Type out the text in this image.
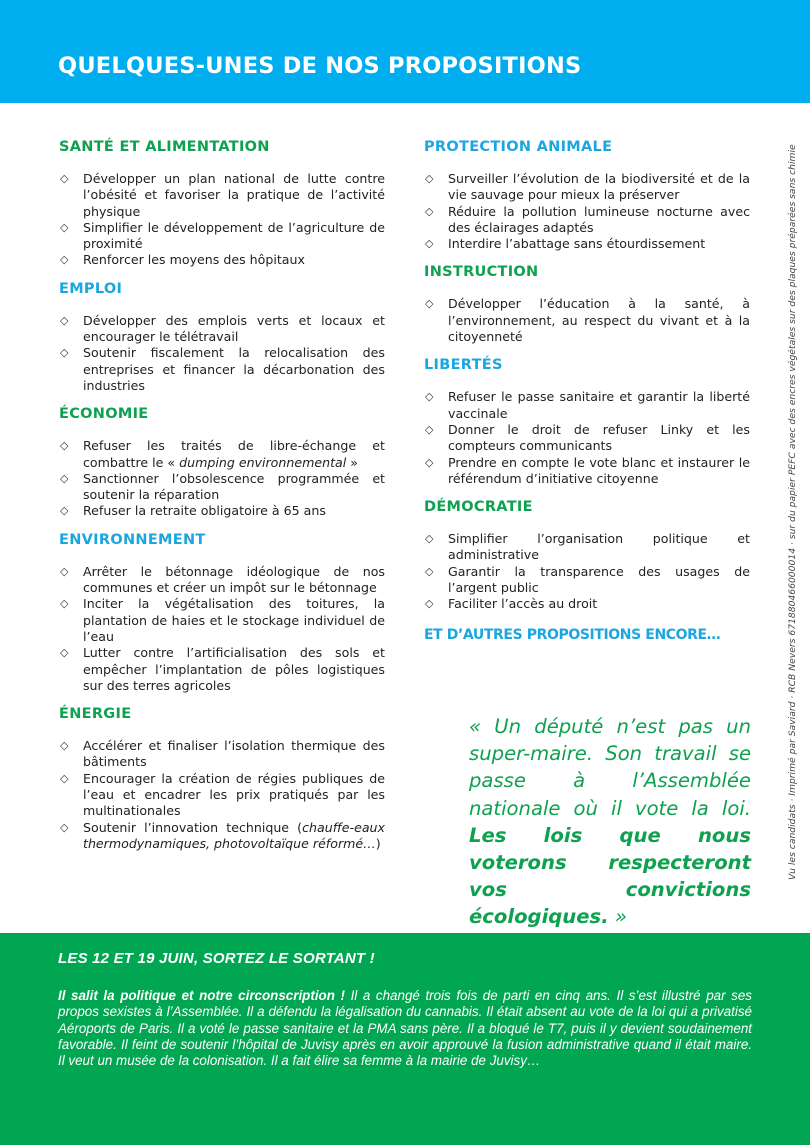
QUELQUES-UNES DE NOS PROPOSITIONS
SANTÉ ET ALIMENTATION
◇ Développer un plan national de lutte contre l’obésité et favoriser la pratique de l’activité physique
◇ Simplifier le développement de l’agriculture de proximité
◇ Renforcer les moyens des hôpitaux
EMPLOI
◇ Développer des emplois verts et locaux et encourager le télétravail
◇ Soutenir fiscalement la relocalisation des entreprises et financer la décarbonation des industries
ÉCONOMIE
◇ Refuser les traités de libre-échange et combattre le « dumping environnemental »
◇ Sanctionner l’obsolescence programmée et soutenir la réparation
◇ Refuser la retraite obligatoire à 65 ans
ENVIRONNEMENT
◇ Arrêter le bétonnage idéologique de nos communes et créer un impôt sur le bétonnage
◇ Inciter la végétalisation des toitures, la plantation de haies et le stockage individuel de l’eau
◇ Lutter contre l’artificialisation des sols et empêcher l’implantation de pôles logistiques sur des terres agricoles
ÉNERGIE
◇ Accélérer et finaliser l’isolation thermique des bâtiments
◇ Encourager la création de régies publiques de l’eau et encadrer les prix pratiqués par les multinationales
◇ Soutenir l’innovation technique (chauffe-eaux thermodynamiques, photovoltaïque réformé…)
PROTECTION ANIMALE
◇ Surveiller l’évolution de la biodiversité et de la vie sauvage pour mieux la préserver
◇ Réduire la pollution lumineuse nocturne avec des éclairages adaptés
◇ Interdire l’abattage sans étourdissement
INSTRUCTION
◇ Développer l’éducation à la santé, à l’environnement, au respect du vivant et à la citoyenneté
LIBERTÉS
◇ Refuser le passe sanitaire et garantir la liberté vaccinale
◇ Donner le droit de refuser Linky et les compteurs communicants
◇ Prendre en compte le vote blanc et instaurer le référendum d’initiative citoyenne
DÉMOCRATIE
◇ Simplifier l’organisation politique et administrative
◇ Garantir la transparence des usages de l’argent public
◇ Faciliter l’accès au droit
ET D’AUTRES PROPOSITIONS ENCORE…
« Un député n’est pas un super-maire. Son travail se passe à l’Assemblée nationale où il vote la loi. Les lois que nous voterons respecteront vos convictions écologiques. »
Vu les candidats · Imprimé par Saviard · RCB Nevers 671880466000014 · sur du papier PEFC avec des encres végétales sur des plaques préparées sans chimie
LES 12 ET 19 JUIN, SORTEZ LE SORTANT !
Il salit la politique et notre circonscription ! Il a changé trois fois de parti en cinq ans. Il s’est illustré par ses propos sexistes à l’Assemblée. Il a défendu la légalisation du cannabis. Il était absent au vote de la loi qui a privatisé Aéroports de Paris. Il a voté le passe sanitaire et la PMA sans père. Il a bloqué le T7, puis il y devient soudainement favorable. Il feint de soutenir l’hôpital de Juvisy après en avoir approuvé la fusion administrative quand il était maire. Il veut un musée de la colonisation. Il a fait élire sa femme à la mairie de Juvisy…
